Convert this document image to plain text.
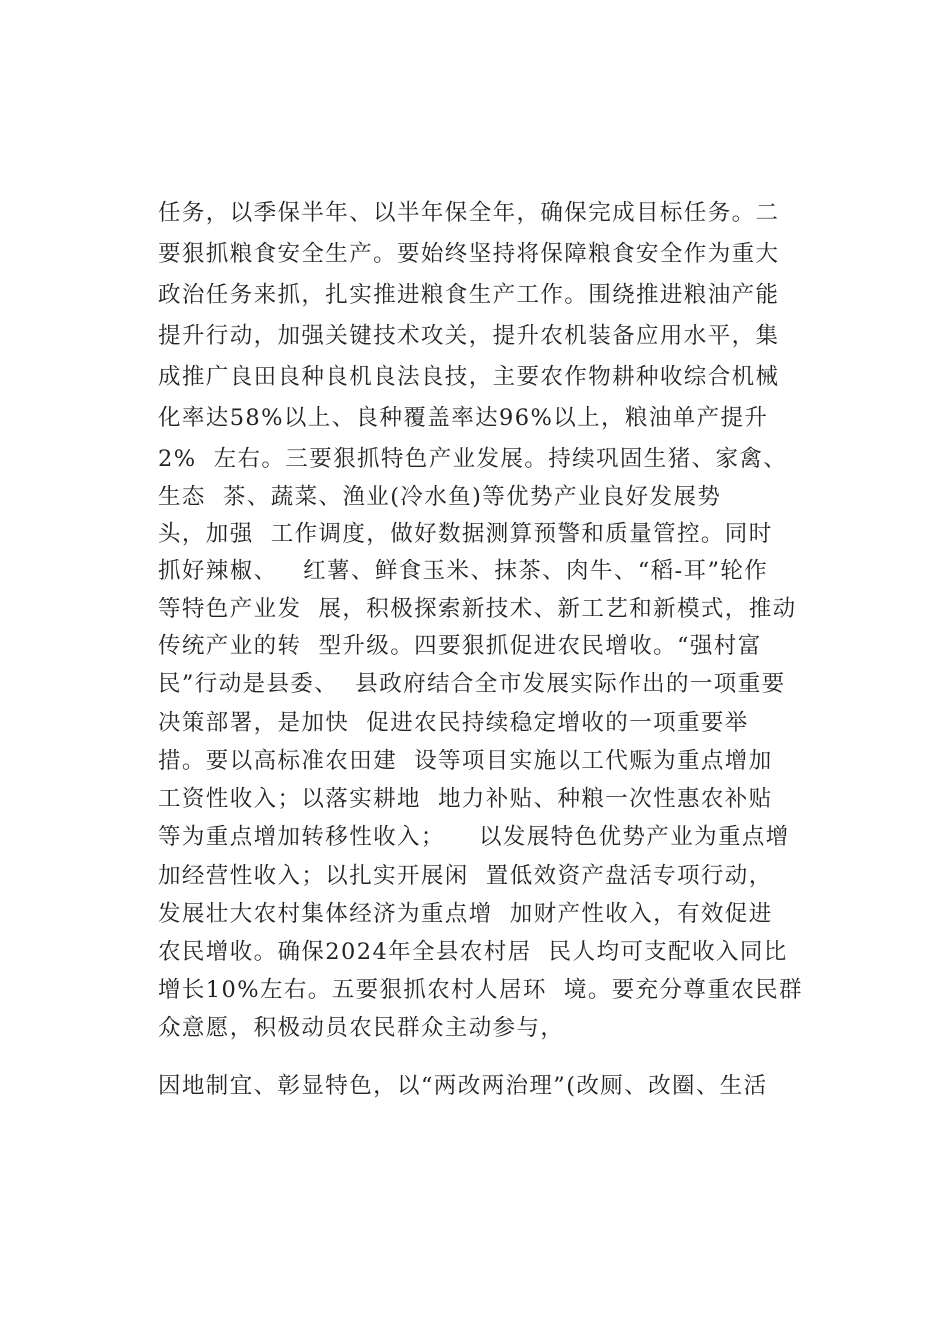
任务，以季保半年、以半年保全年，确保完成目标任务。二
要狠抓粮食安全生产。要始终坚持将保障粮食安全作为重大
政治任务来抓，扎实推进粮食生产工作。围绕推进粮油产能
提升行动，加强关键技术攻关，提升农机装备应用水平，集
成推广良田良种良机良法良技，主要农作物耕种收综合机械
化率达58%以上、良种覆盖率达96%以上，粮油单产提升
2%  左右。三要狠抓特色产业发展。持续巩固生猪、家禽、
生态  茶、蔬菜、渔业(冷水鱼)等优势产业良好发展势
头，加强  工作调度，做好数据测算预警和质量管控。同时
抓好辣椒、   红薯、鲜食玉米、抹茶、肉牛、“稻-耳”轮作
等特色产业发  展，积极探索新技术、新工艺和新模式，推动
传统产业的转  型升级。四要狠抓促进农民增收。“强村富
民”行动是县委、  县政府结合全市发展实际作出的一项重要
决策部署，是加快  促进农民持续稳定增收的一项重要举
措。要以高标准农田建  设等项目实施以工代赈为重点增加
工资性收入；以落实耕地  地力补贴、种粮一次性惠农补贴
等为重点增加转移性收入；    以发展特色优势产业为重点增
加经营性收入；以扎实开展闲  置低效资产盘活专项行动，
发展壮大农村集体经济为重点增  加财产性收入，有效促进
农民增收。确保2024年全县农村居  民人均可支配收入同比
增长10%左右。五要狠抓农村人居环  境。要充分尊重农民群
众意愿，积极动员农民群众主动参与，
因地制宜、彰显特色，以“两改两治理”(改厕、改圈、生活
